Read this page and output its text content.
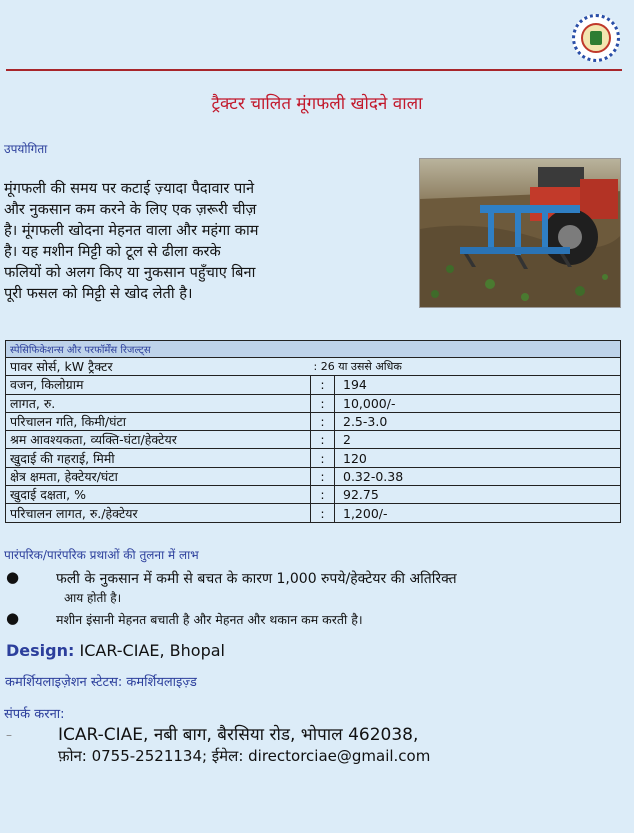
ट्रैक्टर चालित मूंगफली खोदने वाला
उपयोगिता
मूंगफली की समय पर कटाई ज़्यादा पैदावार पाने
और नुकसान कम करने के लिए एक ज़रूरी चीज़
है। मूंगफली खोदना मेहनत वाला और महंगा काम
है। यह मशीन मिट्टी को टूल से ढीला करके
फलियों को अलग किए या नुकसान पहुँचाए बिना
पूरी फसल को मिट्टी से खोद लेती है।
स्पेसिफिकेशन्स और परफॉर्मेंस रिजल्ट्स		
पावर सोर्स, kW ट्रैक्टर	: 26 या उससे अधिक	
वजन, किलोग्राम	:	194
लागत, रु.	:	10,000/-
परिचालन गति, किमी/घंटा	:	2.5-3.0
श्रम आवश्यकता, व्यक्ति-घंटा/हेक्टेयर	:	2
खुदाई की गहराई, मिमी	:	120
क्षेत्र क्षमता, हेक्टेयर/घंटा	:	0.32-0.38
खुदाई दक्षता, %	:	92.75
परिचालन लागत, रु./हेक्टेयर	:	1,200/-
पारंपरिक/पारंपरिक प्रथाओं की तुलना में लाभ
●	फली के नुकसान में कमी से बचत के कारण 1,000 रुपये/हेक्टेयर की अतिरिक्त
आय होती है।
●	मशीन इंसानी मेहनत बचाती है और मेहनत और थकान कम करती है।
Design: ICAR-CIAE, Bhopal
कमर्शियलाइज़ेशन स्टेटस: कमर्शियलाइज़्ड
संपर्क करना:
–	ICAR-CIAE, नबी बाग, बैरसिया रोड, भोपाल 462038,
फ़ोन: 0755-2521134; ईमेल: directorciae@gmail.com
